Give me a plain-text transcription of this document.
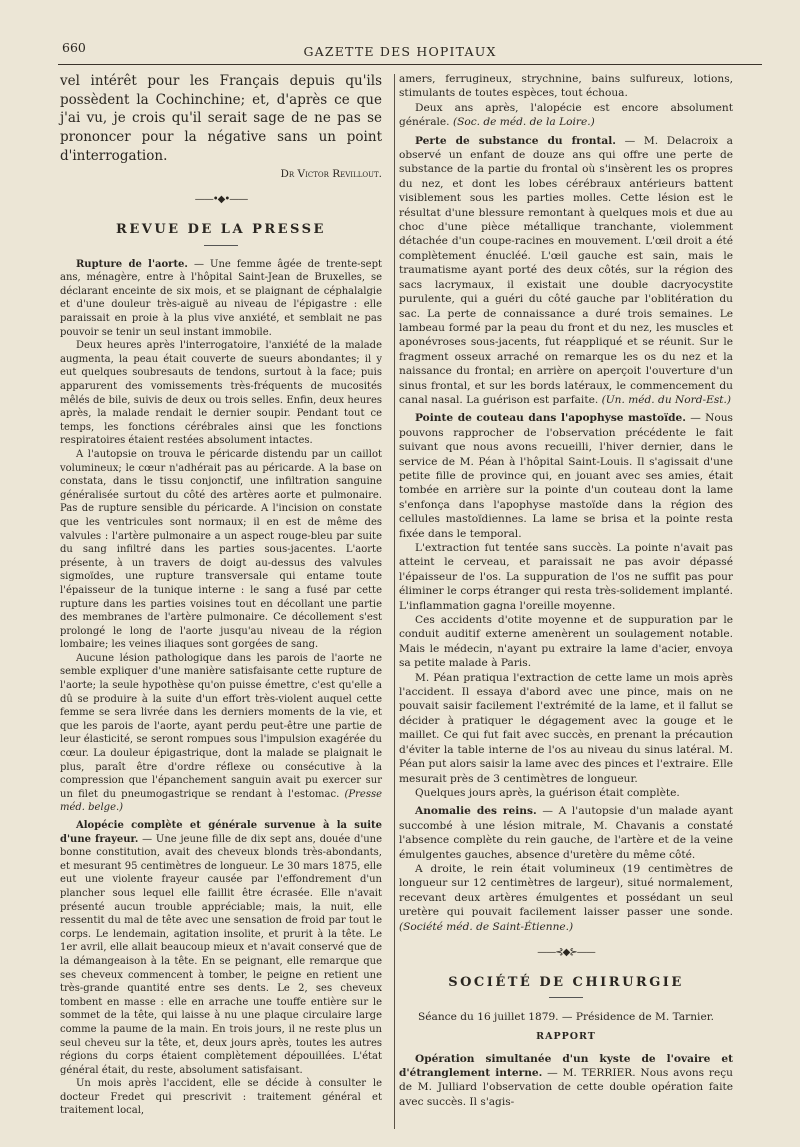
660	GAZETTE DES HOPITAUX

vel intérêt pour les Français depuis qu'ils possèdent la Cochinchine; et, d'après ce que j'ai vu, je crois qu'il serait sage de ne pas se prononcer pour la négative sans un point d'interrogation.

Dr Victor Revillout.
——•◆•——
REVUE DE LA PRESSE

Rupture de l'aorte. — Une femme âgée de trente-sept ans, ménagère, entre à l'hôpital Saint-Jean de Bruxelles, se déclarant enceinte de six mois, et se plaignant de céphalalgie et d'une douleur très-aiguë au niveau de l'épigastre : elle paraissait en proie à la plus vive anxiété, et semblait ne pas pouvoir se tenir un seul instant immobile.

Deux heures après l'interrogatoire, l'anxiété de la malade augmenta, la peau était couverte de sueurs abondantes; il y eut quelques soubresauts de tendons, surtout à la face; puis apparurent des vomissements très-fréquents de mucosités mêlés de bile, suivis de deux ou trois selles. Enfin, deux heures après, la malade rendait le dernier soupir. Pendant tout ce temps, les fonctions cérébrales ainsi que les fonctions respiratoires étaient restées absolument intactes.

A l'autopsie on trouva le péricarde distendu par un caillot volumineux; le cœur n'adhérait pas au péricarde. A la base on constata, dans le tissu conjonctif, une infiltration sanguine généralisée surtout du côté des artères aorte et pulmonaire. Pas de rupture sensible du péricarde. A l'incision on constate que les ventricules sont normaux; il en est de même des valvules : l'artère pulmonaire a un aspect rouge-bleu par suite du sang infiltré dans les parties sous-jacentes. L'aorte présente, à un travers de doigt au-dessus des valvules sigmoïdes, une rupture transversale qui entame toute l'épaisseur de la tunique interne : le sang a fusé par cette rupture dans les parties voisines tout en décollant une partie des membranes de l'artère pulmonaire. Ce décollement s'est prolongé le long de l'aorte jusqu'au niveau de la région lombaire; les veines iliaques sont gorgées de sang.

Aucune lésion pathologique dans les parois de l'aorte ne semble expliquer d'une manière satisfaisante cette rupture de l'aorte; la seule hypothèse qu'on puisse émettre, c'est qu'elle a dû se produire à la suite d'un effort très-violent auquel cette femme se sera livrée dans les derniers moments de la vie, et que les parois de l'aorte, ayant perdu peut-être une partie de leur élasticité, se seront rompues sous l'impulsion exagérée du cœur. La douleur épigastrique, dont la malade se plaignait le plus, paraît être d'ordre réflexe ou consécutive à la compression que l'épanchement sanguin avait pu exercer sur un filet du pneumogastrique se rendant à l'estomac. (Presse méd. belge.)

Alopécie complète et générale survenue à la suite d'une frayeur. — Une jeune fille de dix sept ans, douée d'une bonne constitution, avait des cheveux blonds très-abondants, et mesurant 95 centimètres de longueur. Le 30 mars 1875, elle eut une violente frayeur causée par l'effondrement d'un plancher sous lequel elle faillit être écrasée. Elle n'avait présenté aucun trouble appréciable; mais, la nuit, elle ressentit du mal de tête avec une sensation de froid par tout le corps. Le lendemain, agitation insolite, et prurit à la tête. Le 1er avril, elle allait beaucoup mieux et n'avait conservé que de la démangeaison à la tête. En se peignant, elle remarque que ses cheveux commencent à tomber, le peigne en retient une très-grande quantité entre ses dents. Le 2, ses cheveux tombent en masse : elle en arrache une touffe entière sur le sommet de la tête, qui laisse à nu une plaque circulaire large comme la paume de la main. En trois jours, il ne reste plus un seul cheveu sur la tête, et, deux jours après, toutes les autres régions du corps étaient complètement dépouillées. L'état général était, du reste, absolument satisfaisant.

Un mois après l'accident, elle se décide à consulter le docteur Fredet qui prescrivit : traitement général et traitement local,

amers, ferrugineux, strychnine, bains sulfureux, lotions, stimulants de toutes espèces, tout échoua.

Deux ans après, l'alopécie est encore absolument générale. (Soc. de méd. de la Loire.)

Perte de substance du frontal. — M. Delacroix a observé un enfant de douze ans qui offre une perte de substance de la partie du frontal où s'insèrent les os propres du nez, et dont les lobes cérébraux antérieurs battent visiblement sous les parties molles. Cette lésion est le résultat d'une blessure remontant à quelques mois et due au choc d'une pièce métallique tranchante, violemment détachée d'un coupe-racines en mouvement. L'œil droit a été complètement énucléé. L'œil gauche est sain, mais le traumatisme ayant porté des deux côtés, sur la région des sacs lacrymaux, il existait une double dacryocystite purulente, qui a guéri du côté gauche par l'oblitération du sac. La perte de connaissance a duré trois semaines. Le lambeau formé par la peau du front et du nez, les muscles et aponévroses sous-jacents, fut réappliqué et se réunit. Sur le fragment osseux arraché on remarque les os du nez et la naissance du frontal; en arrière on aperçoit l'ouverture d'un sinus frontal, et sur les bords latéraux, le commencement du canal nasal. La guérison est parfaite. (Un. méd. du Nord-Est.)

Pointe de couteau dans l'apophyse mastoïde. — Nous pouvons rapprocher de l'observation précédente le fait suivant que nous avons recueilli, l'hiver dernier, dans le service de M. Péan à l'hôpital Saint-Louis. Il s'agissait d'une petite fille de province qui, en jouant avec ses amies, était tombée en arrière sur la pointe d'un couteau dont la lame s'enfonça dans l'apophyse mastoïde dans la région des cellules mastoïdiennes. La lame se brisa et la pointe resta fixée dans le temporal.

L'extraction fut tentée sans succès. La pointe n'avait pas atteint le cerveau, et paraissait ne pas avoir dépassé l'épaisseur de l'os. La suppuration de l'os ne suffit pas pour éliminer le corps étranger qui resta très-solidement implanté. L'inflammation gagna l'oreille moyenne.

Ces accidents d'otite moyenne et de suppuration par le conduit auditif externe amenèrent un soulagement notable. Mais le médecin, n'ayant pu extraire la lame d'acier, envoya sa petite malade à Paris.

M. Péan pratiqua l'extraction de cette lame un mois après l'accident. Il essaya d'abord avec une pince, mais on ne pouvait saisir facilement l'extrémité de la lame, et il fallut se décider à pratiquer le dégagement avec la gouge et le maillet. Ce qui fut fait avec succès, en prenant la précaution d'éviter la table interne de l'os au niveau du sinus latéral. M. Péan put alors saisir la lame avec des pinces et l'extraire. Elle mesurait près de 3 centimètres de longueur.

Quelques jours après, la guérison était complète.

Anomalie des reins. — A l'autopsie d'un malade ayant succombé à une lésion mitrale, M. Chavanis a constaté l'absence complète du rein gauche, de l'artère et de la veine émulgentes gauches, absence d'uretère du même côté.

A droite, le rein était volumineux (19 centimètres de longueur sur 12 centimètres de largeur), situé normalement, recevant deux artères émulgentes et possédant un seul uretère qui pouvait facilement laisser passer une sonde. (Société méd. de Saint-Étienne.)

——⊰◆⊱——
SOCIÉTÉ DE CHIRURGIE
Séance du 16 juillet 1879. — Présidence de M. Tarnier.
RAPPORT

Opération simultanée d'un kyste de l'ovaire et d'étranglement interne. — M. TERRIER. Nous avons reçu de M. Julliard l'observation de cette double opération faite avec succès. Il s'agis-
